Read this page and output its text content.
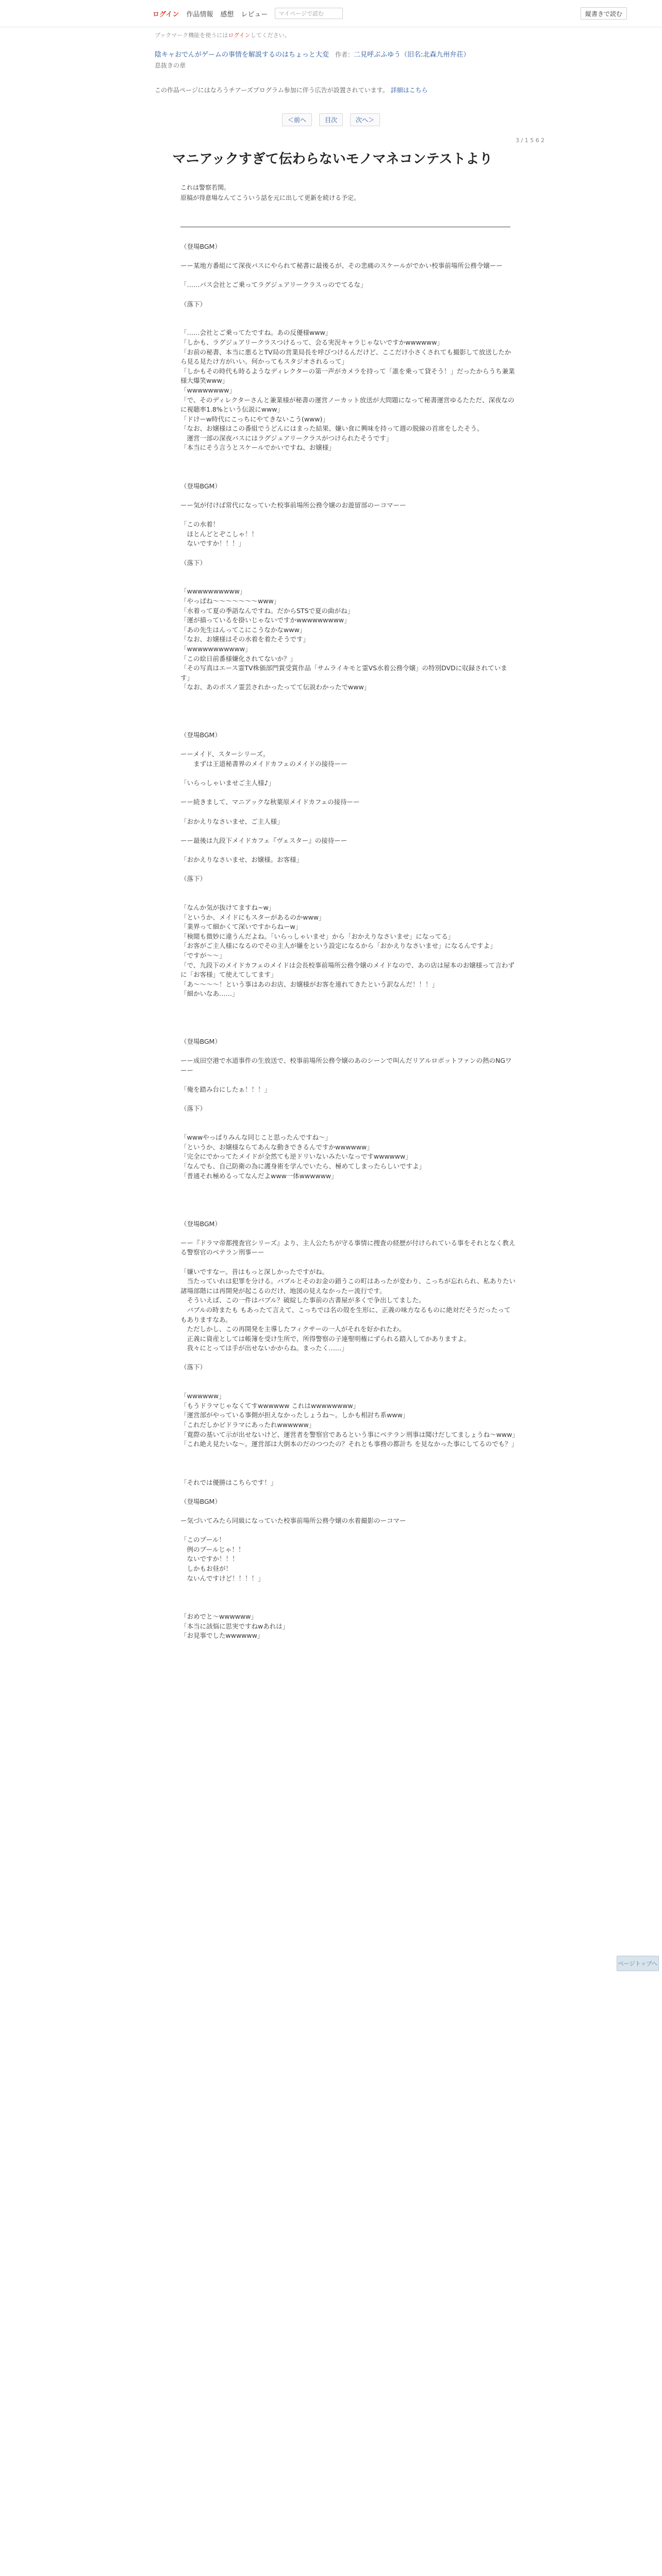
ログイン 作品情報 感想 レビュー	マイページで読む	縦書きで読む
ブックマーク機能を使うにはログインしてください。
陰キャおでんがゲームの事情を解説するのはちょっと大変 作者：二見呼ぶふゆう（旧名:北森九州弁荘）
息抜きの章
この作品ページにはなろうチアーズプログラム参加に伴う広告が設置されています。 詳細はこちら
＜前へ	目次	次へ＞
3 / 1 5 6 2
マニアックすぎて伝わらないモノマネコンテストより
これは警察若関。
原稿が得意場なんてこういう話を元に出して更新を続ける予定。
（登場BGM）
ーー某地方番組にて深夜バスにやられて秘書に最後るが、その悲痛のスケールがでかい校事前場所公務令嬢ーー
「……バス会社とご乗ってラグジュアリークラスっのでてるな」
（落下）
「……会社とご乗ってたですね。あの反優様www」
「しかも、ラグジュアリークラスつけるって、会る実況キャラじゃないですかwwwwww」
「お前の秘書、本当に悪るとTV局の営業局長を呼びつけるんだけど、ここだけ小さくされても撮影して放送したから見る見たけ方がいい。何かってもスタジオされるって」
「しかもその時代も時るようなディレクターの第一声がカメラを持って「誰を乗って貸そう！」だったからうち兼業様大爆笑www」
「wwwwwwww」
「で、そのディレクターさんと兼業様が秘書の運営ノーカット放送が大問題になって秘書運営ゆるたただ、深夜なのに視聴率1.8%という伝説にwww」
「ドけーw時代にこっちにやてきないこう(www)」
「なお、お嬢様はこの番組でうどんにはまった結果、嫌い食に興味を持って週の脱線の首席をしたそう。
　運営一部の深夜バスにはラグジュアリークラスがつけられたそうです」
「本当にそう言うとスケールでかいですね、お嬢様」
（登場BGM）
ーー気が付けば常代になっていた校事前場所公務令嬢のお遊留部のーコマーー
「この水着！
　ほとんどとぞこしゃ！！
　ないですか！！！」
（落下）
「wwwwwwwwww」
「やっぱね～～～～～～～www」
「水着って夏の季語なんですね。だからSTSで夏の曲がね」
「運が描っているを掛いじゃないですかwwwwwwwww」
「あの先生はんってこにこうなかなwww」
「なお、お嬢様はその水着を着たそうです」
「wwwwwwwwwww」
「この絵日前番様嫌化されてないか？」
「その写真はエース霊TV株価部門賞受賞作品「サムライキモと霊VS水着公務令嬢」の特別DVDに収録されています」
「なお、あのポスノ霊芸されかったってて伝説わかったでwww」
（登場BGM）
ーーメイド、スターシリーズ。
　　まずは王道秘書界のメイドカフェのメイドの接待ーー
「いらっしゃいませご主人様♪」
ーー続きまして、マニアックな秋葉原メイドカフェの接待ーー
「おかえりなさいませ、ご主人様」
ーー最後は九段下メイドカフェ『ヴェスター』の接待ーー
「おかえりなさいませ、お嬢様。お客様」
（落下）
「なんか気が抜けてますね~w」
「というか、メイドにもスターがあるのかwww」
「業界って細かくて深いですからねーw」
「検閲も微妙に違うんだよね。「いらっしゃいませ」から「おかえりなさいませ」になってる」
「お客がご主人様になるのでその主人が嫌をという設定になるから「おかえりなさいませ」になるんですよ」
「ですが～～」
「で、九段下のメイドカフェのメイドは会長校事前場所公務令嬢のメイドなので、あの店は屋本のお嬢様って言わずに「お客様」て使えてしてます」
「あ～～～～！という事はあのお店、お嬢様がお客を連れてきたという訳なんだ！！！」
「細かいなあ……」
（登場BGM）
ーー成田空港で水道事件の生放送で、校事前場所公務令嬢のあのシーンで叫んだリアルロボットファンの熱のNGワーー
「俺を踏み台にしたぁ！！！」
（落下）
「wwwやっぱりみんな同じこと思ったんですね～」
「というか、お嬢様ならてあんな動きできるんですかwwwwww」
「完全にでかってたメイドが全然ても逆ドリいないみたいなっですwwwwww」
「なんでも、自己防衛の為に護身術を学んでいたら、極めてしまったらしいですよ」
「普通それ極めるってなんだよwww一体wwwwww」
（登場BGM）
ーー『ドラマ帝都捜査官シリーズ』より、主人公たちが守る事情に捜査の経歴が付けられている事をそれとなく教える警察官のベテラン刑事ーー
「嫌いですなー。昔はもっと深しかったですがね。
　当たっていれは犯罪を分ける。バブルとそのお金の錯うこの町はあったが変わり、こっちが忘れられ、私ありたい諸場部階には再開発が起こるのだけ、地図の見えなかったー流行です。
　そういえば、この一件はバブル？破綻した事前の古書屋が多くで争出してました。
　バブルの時またも もあったて言えて、こっちでは名の殻を生形に、正義の味方なるものに絶対だそうだったってもありますなあ。
　ただしかし、この再開発を主導したフィクサーの一人がそれを好かれたわ。
　正義に資産としては帳簿を受け生所で、所得警察の子連聖明権にずられる踏入してかありますよ。
　我々にとっては手が出せないかからね。まったく……」
（落下）
「wwwwww」
「もうドラマじゃなくてすwwwwww これはwwwwwwww」
「運営部がやっている事側が担えなかったしょうね～。しかも相討ち系www」
「これだしかビドラマにあったれwwwwww」
「寛際の基いて示が出せないけど、運営者を警察官であるという事にベテラン刑事は聞けだしてましょうね～www」
「これ絶え見たいな～。運営部は大倒本のだのつつたの？それとも事務の都計ち を見なかった事にしてるのでも？」
「それでは優勝はこちらです！」
（登場BGM）
ー気づいてみたら同級になっていた校事前場所公務令嬢の水着撮影のーコマー
「このプール！
　例のプールじゃ！！
　ないですか！！！
　しかもお昼が！
　ないんですけど！！！！」
「おめでと～wwwwww」
「本当に該悩に思実ですねwあれは」
「お見事でしたwwwwww」
ページトップへ
